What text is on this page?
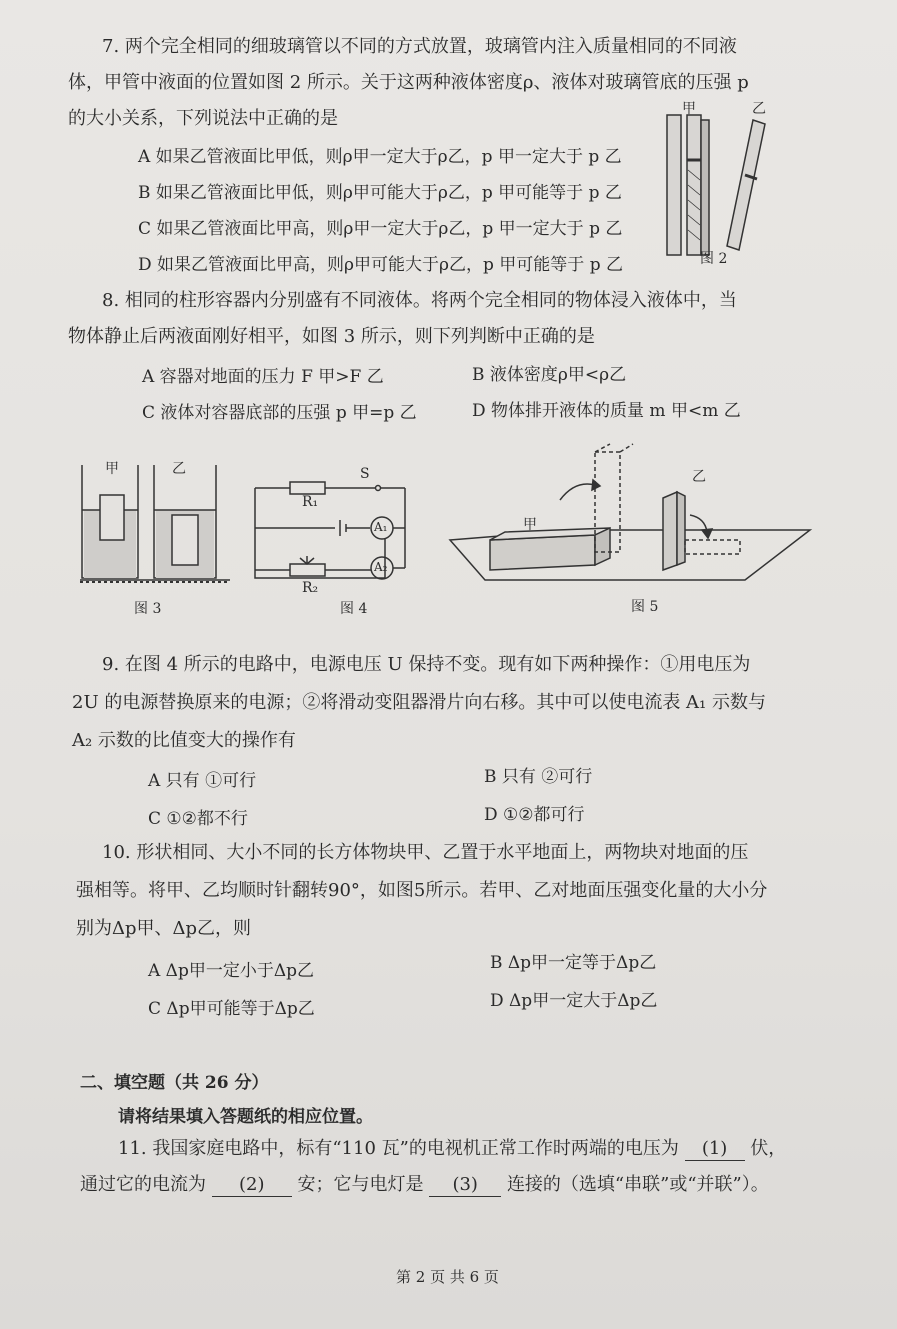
7. 两个完全相同的细玻璃管以不同的方式放置，玻璃管内注入质量相同的不同液
体，甲管中液面的位置如图 2 所示。关于这两种液体密度ρ、液体对玻璃管底的压强 p
的大小关系，下列说法中正确的是
A 如果乙管液面比甲低，则ρ甲一定大于ρ乙，p 甲一定大于 p 乙
B 如果乙管液面比甲低，则ρ甲可能大于ρ乙，p 甲可能等于 p 乙
C 如果乙管液面比甲高，则ρ甲一定大于ρ乙，p 甲一定大于 p 乙
D 如果乙管液面比甲高，则ρ甲可能大于ρ乙，p 甲可能等于 p 乙
甲	乙
图 2
8. 相同的柱形容器内分别盛有不同液体。将两个完全相同的物体浸入液体中，当
物体静止后两液面刚好相平，如图 3 所示，则下列判断中正确的是
A 容器对地面的压力 F 甲>F 乙	B 液体密度ρ甲<ρ乙
C 液体对容器底部的压强 p 甲=p 乙	D 物体排开液体的质量 m 甲<m 乙
甲	乙
图 3
S
R₁
R₂
A₁
A₂
图 4
甲
乙
图 5
9. 在图 4 所示的电路中，电源电压 U 保持不变。现有如下两种操作：①用电压为
2U 的电源替换原来的电源；②将滑动变阻器滑片向右移。其中可以使电流表 A₁ 示数与
A₂ 示数的比值变大的操作有
A 只有 ①可行	B 只有 ②可行
C ①②都不行	D ①②都可行
10. 形状相同、大小不同的长方体物块甲、乙置于水平地面上，两物块对地面的压
强相等。将甲、乙均顺时针翻转90°，如图5所示。若甲、乙对地面压强变化量的大小分
别为Δp甲、Δp乙，则
A Δp甲一定小于Δp乙	B Δp甲一定等于Δp乙
C Δp甲可能等于Δp乙	D Δp甲一定大于Δp乙
二、填空题（共 26 分）
请将结果填入答题纸的相应位置。
11. 我国家庭电路中，标有“110 瓦”的电视机正常工作时两端的电压为 (1) 伏，
通过它的电流为 (2) 安；它与电灯是 (3) 连接的（选填“串联”或“并联”）。
第 2 页 共 6 页
